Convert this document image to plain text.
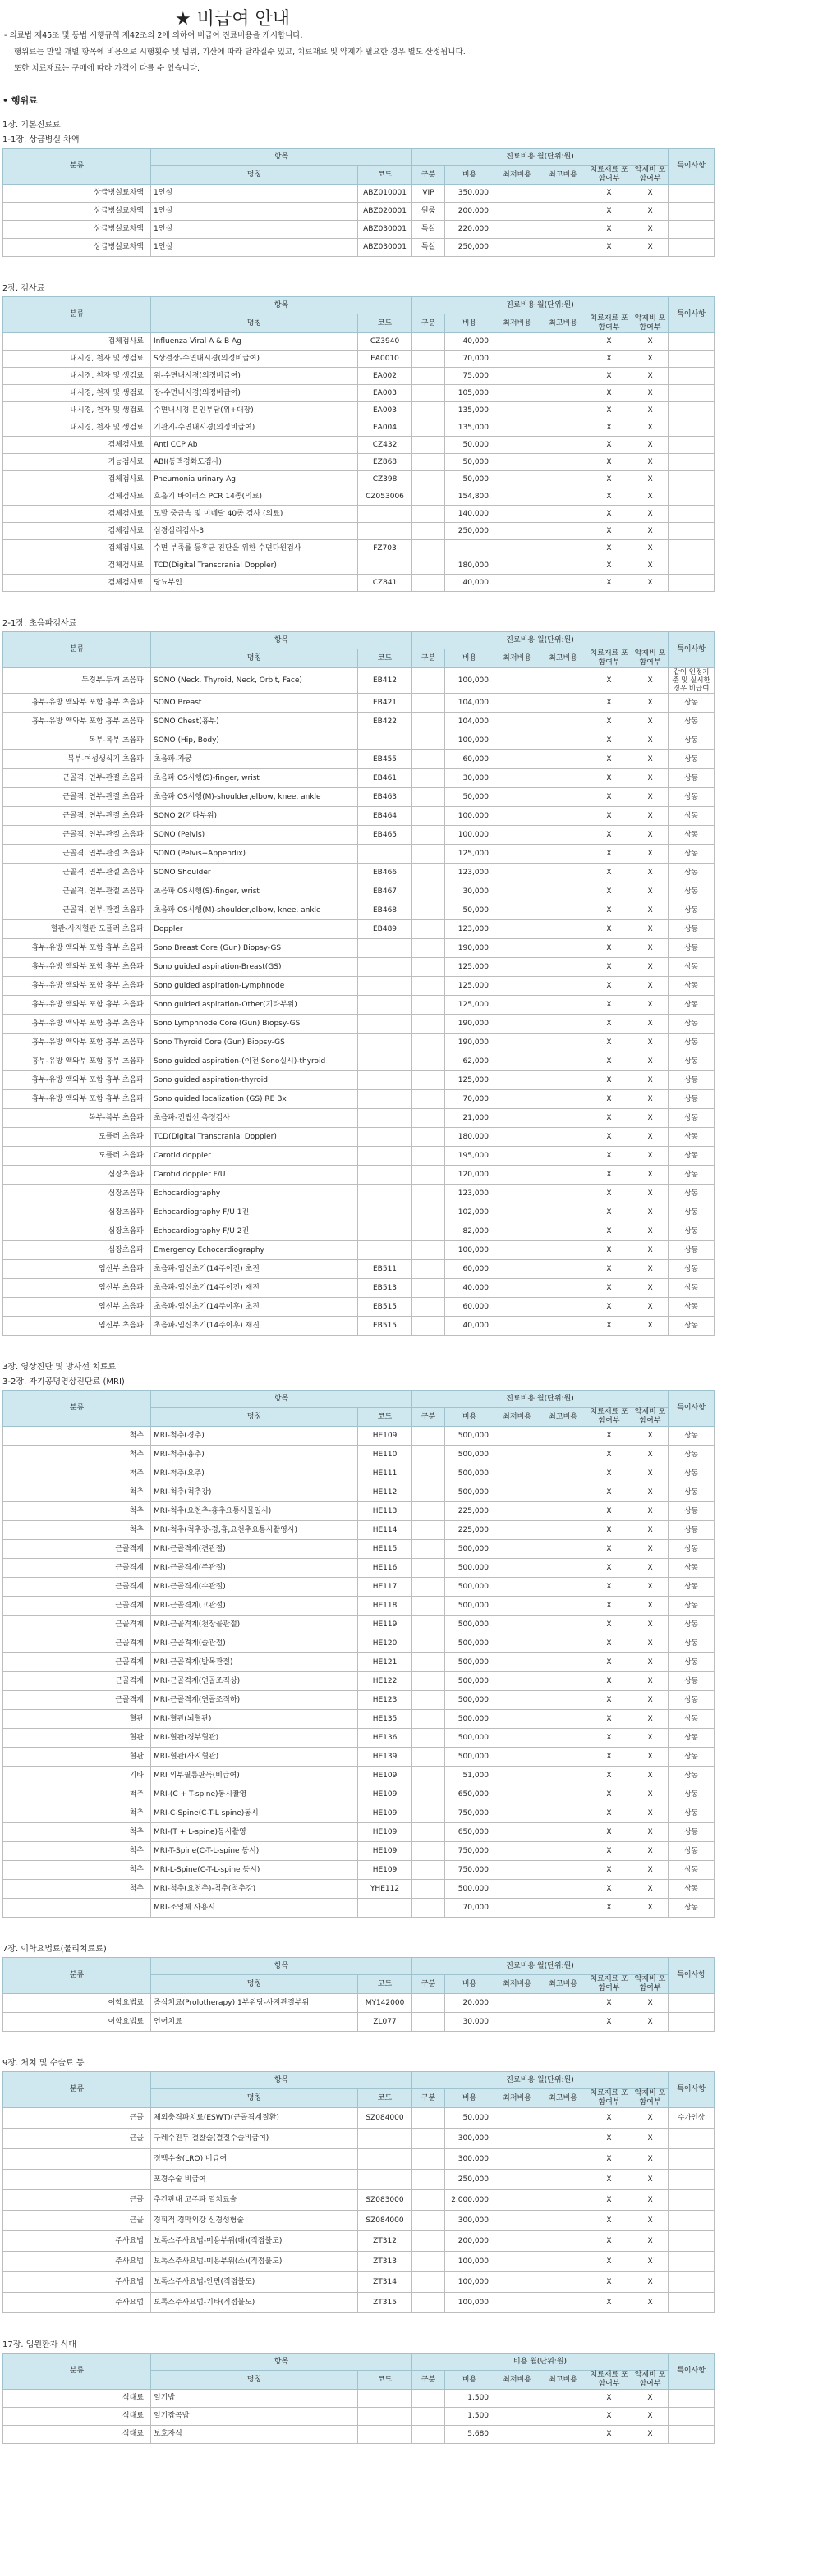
★ 비급여 안내
- 의료법 제45조 및 동법 시행규칙 제42조의 2에 의하여 비급여 진료비용을 게시합니다.
행위료는 만일 개별 항목에 비용으로 시행횟수 및 범위, 기산에 따라 달라질수 있고, 치료재료 및 약제가 필요한 경우 별도 산정됩니다.
또한 치료재료는 구매에 따라 가격이 다를 수 있습니다.
• 행위료
1장. 기본진료료
1-1장. 상급병실 차액
분류	항목		진료비용 월(단위:원)						특이사항
	명칭	코드	구분	비용	최저비용	최고비용	치료재료 포함여부	약제비 포함여부	
상급병실료차액	1인실	ABZ010001	VIP	350,000			X	X	
상급병실료차액	1인실	ABZ020001	원룸	200,000			X	X	
상급병실료차액	1인실	ABZ030001	특실	220,000			X	X	
상급병실료차액	1인실	ABZ030001	특실	250,000			X	X	
2장. 검사료
분류	항목		진료비용 월(단위:원)						특이사항
	명칭	코드	구분	비용	최저비용	최고비용	치료재료 포함여부	약제비 포함여부	
검체검사료	Influenza Viral A & B Ag	CZ3940		40,000			X	X	
내시경, 천자 및 생검료	S상결장-수면내시경(의정비급여)	EA0010		70,000			X	X	
내시경, 천자 및 생검료	위-수면내시경(의정비급여)	EA002		75,000			X	X	
내시경, 천자 및 생검료	장-수면내시경(의정비급여)	EA003		105,000			X	X	
내시경, 천자 및 생검료	수면내시경 본인부담(위+대장)	EA003		135,000			X	X	
내시경, 천자 및 생검료	기관지-수면내시경(의정비급여)	EA004		135,000			X	X	
검체검사료	Anti CCP Ab	CZ432		50,000			X	X	
기능검사료	ABI(동맥경화도검사)	EZ868		50,000			X	X	
검체검사료	Pneumonia urinary Ag	CZ398		50,000			X	X	
검체검사료	호흡기 바이러스 PCR 14종(의료)	CZ053006		154,800			X	X	
검체검사료	모발 중금속 및 미네랄 40종 검사 (의료)			140,000			X	X	
검체검사료	심경심리검사-3			250,000			X	X	
검체검사료	수면 부족률 등후군 진단을 위한 수면다원검사	FZ703					X	X	
검체검사료	TCD(Digital Transcranial Doppler)			180,000			X	X	
검체검사료	당뇨부인	CZ841		40,000			X	X	
2-1장. 초음파검사료
분류	항목		진료비용 월(단위:원)						특이사항
	명칭	코드	구분	비용	최저비용	최고비용	치료재료 포함여부	약제비 포함여부	
두경부-두개 초음파	SONO (Neck, Thyroid, Neck, Orbit, Face)	EB412		100,000			X	X	갑이 인정기준 및 실시한 경우 비급여
흉부-유방 액와부 포함 흉부 초음파	SONO Breast	EB421		104,000			X	X	상동
흉부-유방 액와부 포함 흉부 초음파	SONO Chest(흉부)	EB422		104,000			X	X	상동
복부-복부 초음파	SONO (Hip, Body)			100,000			X	X	상동
복부-여성생식기 초음파	초음파-자궁	EB455		60,000			X	X	상동
근골격, 연부-관절 초음파	초음파 OS시행(S)-finger, wrist	EB461		30,000			X	X	상동
근골격, 연부-관절 초음파	초음파 OS시행(M)-shoulder,elbow, knee, ankle	EB463		50,000			X	X	상동
근골격, 연부-관절 초음파	SONO 2(기타부위)	EB464		100,000			X	X	상동
근골격, 연부-관절 초음파	SONO (Pelvis)	EB465		100,000			X	X	상동
근골격, 연부-관절 초음파	SONO (Pelvis+Appendix)			125,000			X	X	상동
근골격, 연부-관절 초음파	SONO Shoulder	EB466		123,000			X	X	상동
근골격, 연부-관절 초음파	초음파 OS시행(S)-finger, wrist	EB467		30,000			X	X	상동
근골격, 연부-관절 초음파	초음파 OS시행(M)-shoulder,elbow, knee, ankle	EB468		50,000			X	X	상동
혈관-사지혈관 도플러 초음파	Doppler	EB489		123,000			X	X	상동
흉부-유방 액와부 포함 흉부 초음파	Sono Breast Core (Gun) Biopsy-GS			190,000			X	X	상동
흉부-유방 액와부 포함 흉부 초음파	Sono guided aspiration-Breast(GS)			125,000			X	X	상동
흉부-유방 액와부 포함 흉부 초음파	Sono guided aspiration-Lymphnode			125,000			X	X	상동
흉부-유방 액와부 포함 흉부 초음파	Sono guided aspiration-Other(기타부위)			125,000			X	X	상동
흉부-유방 액와부 포함 흉부 초음파	Sono Lymphnode Core (Gun) Biopsy-GS			190,000			X	X	상동
흉부-유방 액와부 포함 흉부 초음파	Sono Thyroid Core (Gun) Biopsy-GS			190,000			X	X	상동
흉부-유방 액와부 포함 흉부 초음파	Sono guided aspiration-(이전 Sono실시)-thyroid			62,000			X	X	상동
흉부-유방 액와부 포함 흉부 초음파	Sono guided aspiration-thyroid			125,000			X	X	상동
흉부-유방 액와부 포함 흉부 초음파	Sono guided localization (GS) RE Bx			70,000			X	X	상동
복부-복부 초음파	초음파-전립선 측정검사			21,000			X	X	상동
도플러 초음파	TCD(Digital Transcranial Doppler)			180,000			X	X	상동
도플러 초음파	Carotid doppler			195,000			X	X	상동
심장초음파	Carotid doppler F/U			120,000			X	X	상동
심장초음파	Echocardiography			123,000			X	X	상동
심장초음파	Echocardiography F/U 1진			102,000			X	X	상동
심장초음파	Echocardiography F/U 2진			82,000			X	X	상동
심장초음파	Emergency Echocardiography			100,000			X	X	상동
임신부 초음파	초음파-임신초기(14주이전) 초진	EB511		60,000			X	X	상동
임신부 초음파	초음파-임신초기(14주이전) 재진	EB513		40,000			X	X	상동
임신부 초음파	초음파-임신초기(14주이후) 초진	EB515		60,000			X	X	상동
임신부 초음파	초음파-임신초기(14주이후) 재진	EB515		40,000			X	X	상동
3장. 영상진단 및 방사선 치료료
3-2장. 자기공명영상진단료 (MRI)
분류	항목		진료비용 월(단위:원)						특이사항
	명칭	코드	구분	비용	최저비용	최고비용	치료재료 포함여부	약제비 포함여부	
척추	MRI-척추(경추)	HE109		500,000			X	X	상동
척추	MRI-척추(흉추)	HE110		500,000			X	X	상동
척추	MRI-척추(요추)	HE111		500,000			X	X	상동
척추	MRI-척추(척추강)	HE112		500,000			X	X	상동
척추	MRI-척추(요천추-흉추요통사물일시)	HE113		225,000			X	X	상동
척추	MRI-척추(척추강-경,흉,요천추요통시촬영시)	HE114		225,000			X	X	상동
근골격계	MRI-근골격계(견관절)	HE115		500,000			X	X	상동
근골격계	MRI-근골격계(주관절)	HE116		500,000			X	X	상동
근골격계	MRI-근골격계(수관절)	HE117		500,000			X	X	상동
근골격계	MRI-근골격계(고관절)	HE118		500,000			X	X	상동
근골격계	MRI-근골격계(천장골관절)	HE119		500,000			X	X	상동
근골격계	MRI-근골격계(슬관절)	HE120		500,000			X	X	상동
근골격계	MRI-근골격계(발목관절)	HE121		500,000			X	X	상동
근골격계	MRI-근골격계(연골조직상)	HE122		500,000			X	X	상동
근골격계	MRI-근골격계(연골조직하)	HE123		500,000			X	X	상동
혈관	MRI-혈관(뇌혈관)	HE135		500,000			X	X	상동
혈관	MRI-혈관(경부혈관)	HE136		500,000			X	X	상동
혈관	MRI-혈관(사지혈관)	HE139		500,000			X	X	상동
기타	MRI 외부필름판독(비급여)	HE109		51,000			X	X	상동
척추	MRI-(C + T-spine)동시촬영	HE109		650,000			X	X	상동
척추	MRI-C-Spine(C-T-L spine)동시	HE109		750,000			X	X	상동
척추	MRI-(T + L-spine)동시촬영	HE109		650,000			X	X	상동
척추	MRI-T-Spine(C-T-L-spine 동시)	HE109		750,000			X	X	상동
척추	MRI-L-Spine(C-T-L-spine 동시)	HE109		750,000			X	X	상동
척추	MRI-척추(요천추)-척추(척추강)	YHE112		500,000			X	X	상동
	MRI-조영제 사용시			70,000			X	X	상동
7장. 이학요법료(물리치료료)
분류	항목		진료비용 월(단위:원)						특이사항
	명칭	코드	구분	비용	최저비용	최고비용	치료재료 포함여부	약제비 포함여부	
이학요법료	증식치료(Prolotherapy) 1부위당-사지관절부위	MY142000		20,000			X	X	
이학요법료	언어치료	ZL077		30,000			X	X	
9장. 처치 및 수술료 등
분류	항목		진료비용 월(단위:원)						특이사항
	명칭	코드	구분	비용	최저비용	최고비용	치료재료 포함여부	약제비 포함여부	
근골	체외충격파치료(ESWT)(근골격계질환)	SZ084000		50,000			X	X	수가인상
근골	구레수진두 결찰술(결절수술비급여)			300,000			X	X	
	정맥수술(LRO) 비급여			300,000			X	X	
	포경수술 비급여			250,000			X	X	
근골	추간판내 고주파 열치료술	SZ083000		2,000,000			X	X	
근골	경피적 경막외강 신경성형술	SZ084000		300,000			X	X	
주사요법	보톡스주사요법-미용부위(대)(직접불도)	ZT312		200,000			X	X	
주사요법	보톡스주사요법-미용부위(소)(직접불도)	ZT313		100,000			X	X	
주사요법	보톡스주사요법-안면(직접불도)	ZT314		100,000			X	X	
주사요법	보톡스주사요법-기타(직접불도)	ZT315		100,000			X	X	
17장. 입원환자 식대
분류	항목		비용 월(단위:원)						특이사항
	명칭	코드	구분	비용	최저비용	최고비용	치료재료 포함여부	약제비 포함여부	
식대료	일기밥			1,500			X	X	
식대료	일기잡곡밥			1,500			X	X	
식대료	보호자식			5,680			X	X	
